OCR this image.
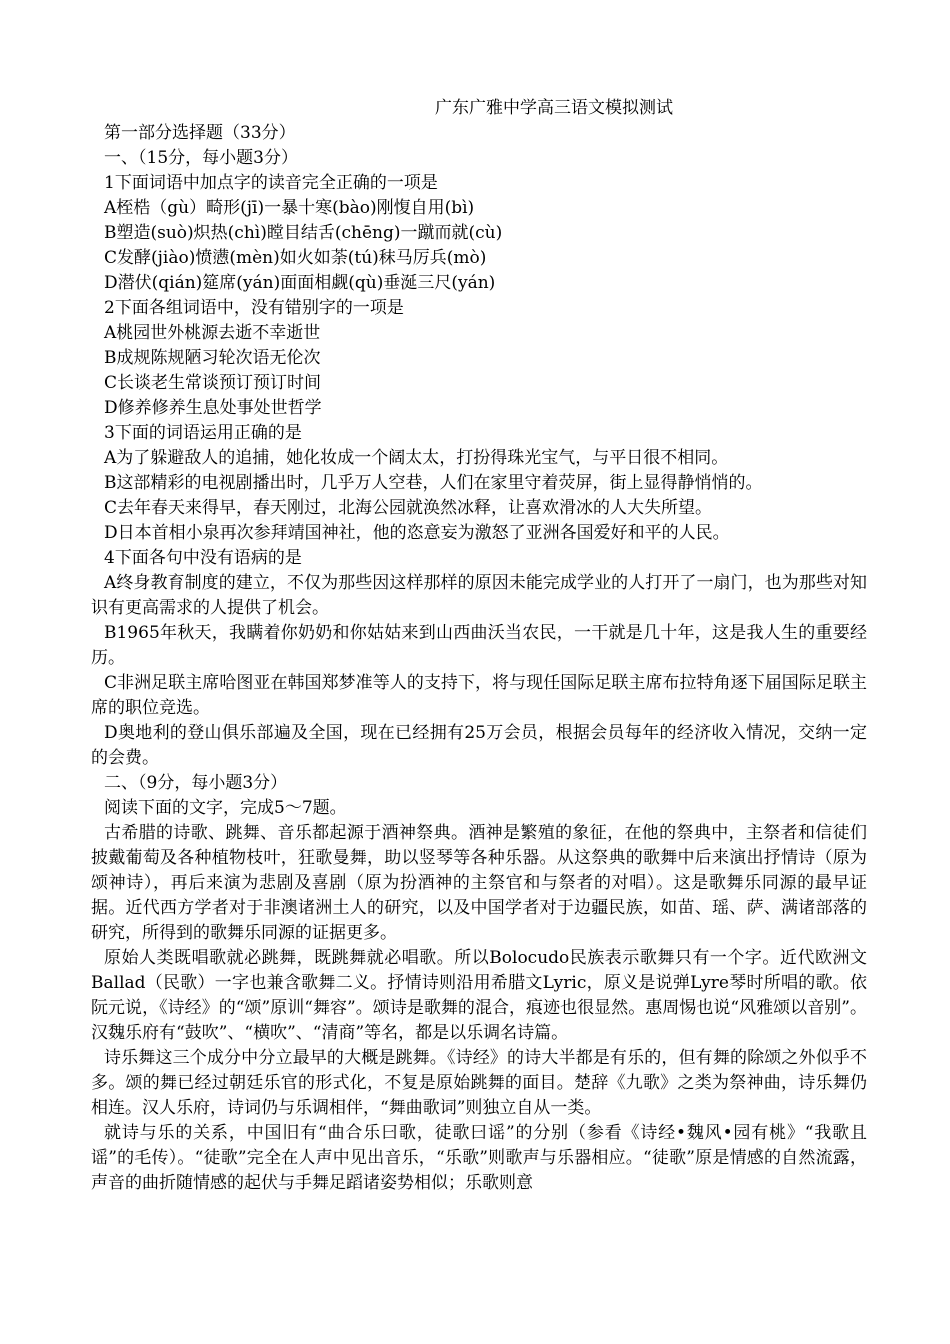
广东广雅中学高三语文模拟测试
第一部分选择题（33分）
一、（15分，每小题3分）
1下面词语中加点字的读音完全正确的一项是
A桎梏（gù）畸形(jī)一暴十寒(bào)刚愎自用(bì)
B塑造(suò)炽热(chì)瞠目结舌(chēng)一蹴而就(cù)
C发酵(jiào)愤懑(mèn)如火如荼(tú)秣马厉兵(mò)
D潜伏(qián)筵席(yán)面面相觑(qù)垂涎三尺(yán)
2下面各组词语中，没有错别字的一项是
A桃园世外桃源去逝不幸逝世
B成规陈规陋习轮次语无伦次
C长谈老生常谈预订预订时间
D修养修养生息处事处世哲学
3下面的词语运用正确的是
A为了躲避敌人的追捕，她化妆成一个阔太太，打扮得珠光宝气，与平日很不相同。
B这部精彩的电视剧播出时，几乎万人空巷，人们在家里守着荧屏，街上显得静悄悄的。
C去年春天来得早，春天刚过，北海公园就涣然冰释，让喜欢滑冰的人大失所望。
D日本首相小泉再次参拜靖国神社，他的恣意妄为激怒了亚洲各国爱好和平的人民。
4下面各句中没有语病的是

A终身教育制度的建立，不仅为那些因这样那样的原因未能完成学业的人打开了一扇门，也为那些对知识有更高需求的人提供了机会。

B1965年秋天，我瞒着你奶奶和你姑姑来到山西曲沃当农民，一干就是几十年，这是我人生的重要经历。

C非洲足联主席哈图亚在韩国郑梦准等人的支持下，将与现任国际足联主席布拉特角逐下届国际足联主席的职位竞选。

D奥地利的登山俱乐部遍及全国，现在已经拥有25万会员，根据会员每年的经济收入情况，交纳一定的会费。

二、（9分，每小题3分）

阅读下面的文字，完成5～7题。

古希腊的诗歌、跳舞、音乐都起源于酒神祭典。酒神是繁殖的象征，在他的祭典中，主祭者和信徒们披戴葡萄及各种植物枝叶，狂歌曼舞，助以竖琴等各种乐器。从这祭典的歌舞中后来演出抒情诗（原为颂神诗），再后来演为悲剧及喜剧（原为扮酒神的主祭官和与祭者的对唱）。这是歌舞乐同源的最早证据。近代西方学者对于非澳诸洲土人的研究，以及中国学者对于边疆民族，如苗、瑶、萨、满诸部落的研究，所得到的歌舞乐同源的证据更多。

原始人类既唱歌就必跳舞，既跳舞就必唱歌。所以Bolocudo民族表示歌舞只有一个字。近代欧洲文Ballad（民歌）一字也兼含歌舞二义。抒情诗则沿用希腊文Lyric，原义是说弹Lyre琴时所唱的歌。依阮元说，《诗经》的“颂”原训“舞容”。颂诗是歌舞的混合，痕迹也很显然。惠周惕也说“风雅颂以音别”。汉魏乐府有“鼓吹”、“横吹”、“清商”等名，都是以乐调名诗篇。

诗乐舞这三个成分中分立最早的大概是跳舞。《诗经》的诗大半都是有乐的，但有舞的除颂之外似乎不多。颂的舞已经过朝廷乐官的形式化，不复是原始跳舞的面目。楚辞《九歌》之类为祭神曲，诗乐舞仍相连。汉人乐府，诗词仍与乐调相伴，“舞曲歌词”则独立自从一类。

就诗与乐的关系，中国旧有“曲合乐曰歌，徒歌曰谣”的分别（参看《诗经•魏风•园有桃》“我歌且谣”的毛传）。“徒歌”完全在人声中见出音乐，“乐歌”则歌声与乐器相应。“徒歌”原是情感的自然流露，声音的曲折随情感的起伏与手舞足蹈诸姿势相似；乐歌则意
